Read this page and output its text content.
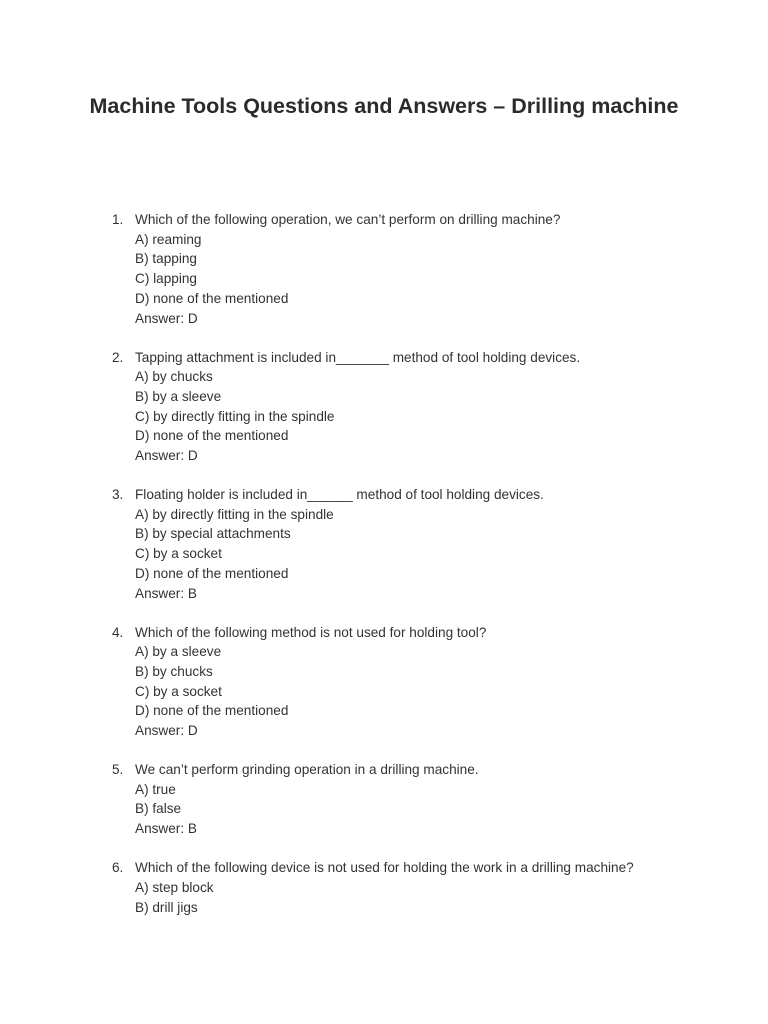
Machine Tools Questions and Answers – Drilling machine
1. Which of the following operation, we can’t perform on drilling machine?
A) reaming
B) tapping
C) lapping
D) none of the mentioned
Answer: D
2. Tapping attachment is included in_______ method of tool holding devices.
A) by chucks
B) by a sleeve
C) by directly fitting in the spindle
D) none of the mentioned
Answer: D
3. Floating holder is included in______ method of tool holding devices.
A) by directly fitting in the spindle
B) by special attachments
C) by a socket
D) none of the mentioned
Answer: B
4. Which of the following method is not used for holding tool?
A) by a sleeve
B) by chucks
C) by a socket
D) none of the mentioned
Answer: D
5. We can’t perform grinding operation in a drilling machine.
A) true
B) false
Answer: B
6. Which of the following device is not used for holding the work in a drilling machine?
A) step block
B) drill jigs
